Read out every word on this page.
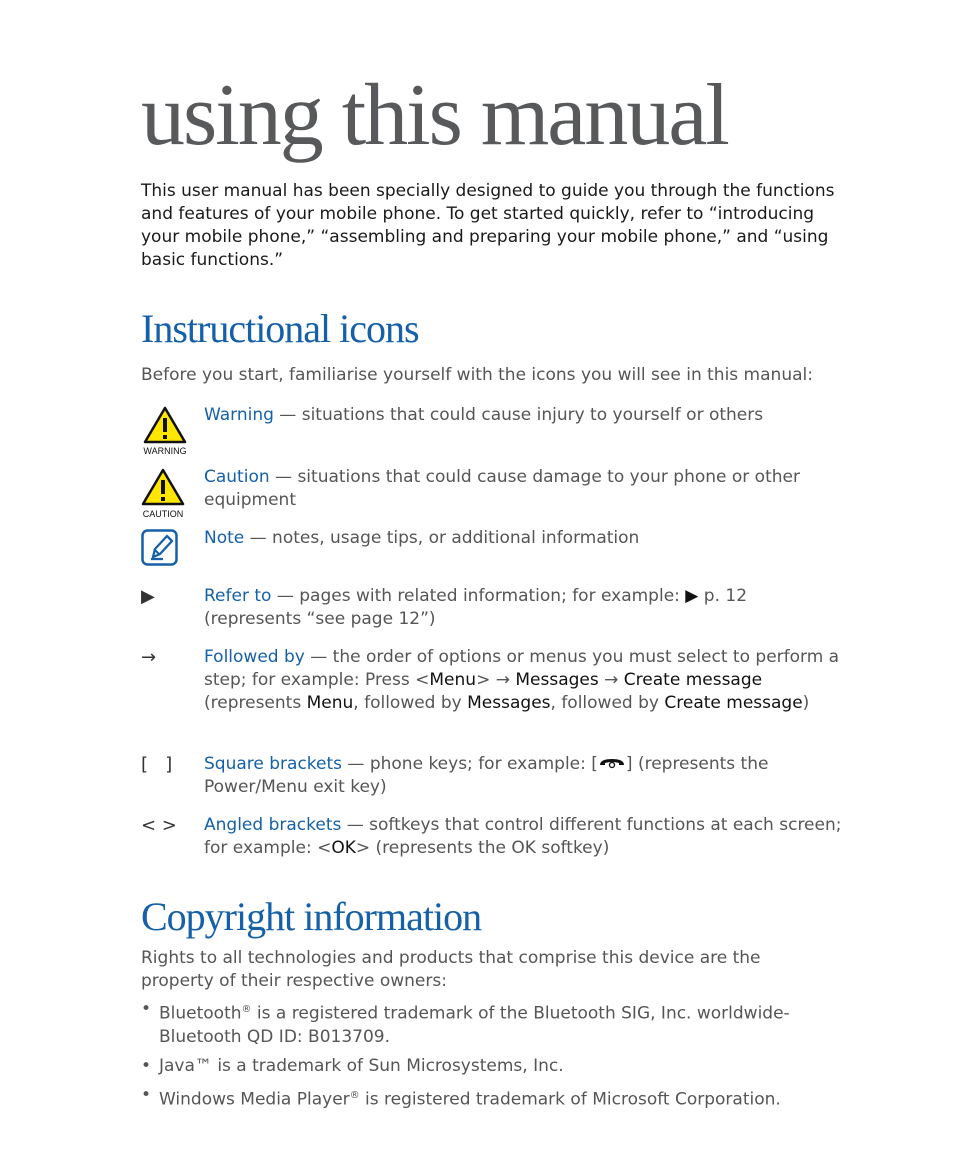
using this manual
This user manual has been specially designed to guide you through the functions and features of your mobile phone. To get started quickly, refer to “introducing your mobile phone,” “assembling and preparing your mobile phone,” and “using basic functions.”
Instructional icons
Before you start, familiarise yourself with the icons you will see in this manual:
WARNING
Warning — situations that could cause injury to yourself or others
CAUTION
Caution — situations that could cause damage to your phone or other equipment
Note — notes, usage tips, or additional information
▶	Refer to — pages with related information; for example: ▶ p. 12 (represents “see page 12”)
→	Followed by — the order of options or menus you must select to perform a step; for example: Press <Menu> → Messages → Create message (represents Menu, followed by Messages, followed by Create message)
[   ]	Square brackets — phone keys; for example: [ ] (represents the Power/Menu exit key)
< >	Angled brackets — softkeys that control different functions at each screen; for example: <OK> (represents the OK softkey)
Copyright information
Rights to all technologies and products that comprise this device are the property of their respective owners:
• Bluetooth® is a registered trademark of the Bluetooth SIG, Inc. worldwide- Bluetooth QD ID: B013709.
• Java™ is a trademark of Sun Microsystems, Inc.
• Windows Media Player® is registered trademark of Microsoft Corporation.
